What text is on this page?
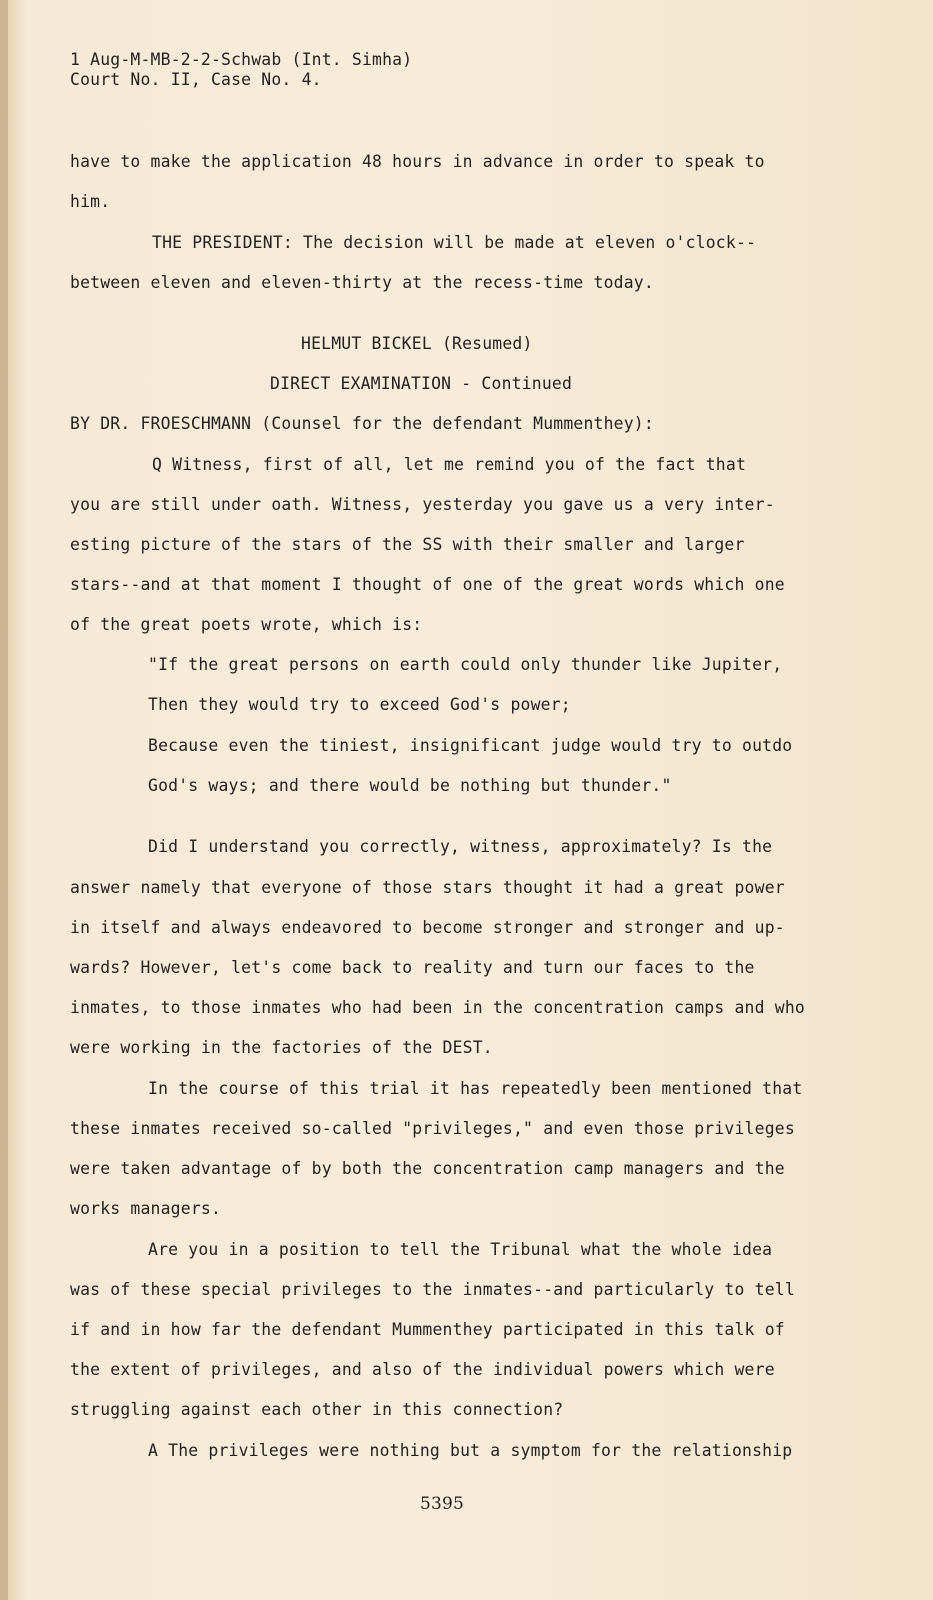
1 Aug-M-MB-2-2-Schwab (Int. Simha)
Court No. II, Case No. 4.
have to make the application 48 hours in advance in order to speak to
him.
THE PRESIDENT: The decision will be made at eleven o'clock--
between eleven and eleven-thirty at the recess-time today.
HELMUT BICKEL (Resumed)
DIRECT EXAMINATION - Continued
BY DR. FROESCHMANN (Counsel for the defendant Mummenthey):
Q Witness, first of all, let me remind you of the fact that
you are still under oath. Witness, yesterday you gave us a very inter-
esting picture of the stars of the SS with their smaller and larger
stars--and at that moment I thought of one of the great words which one
of the great poets wrote, which is:
"If the great persons on earth could only thunder like Jupiter,
Then they would try to exceed God's power;
Because even the tiniest, insignificant judge would try to outdo
God's ways; and there would be nothing but thunder."
Did I understand you correctly, witness, approximately? Is the
answer namely that everyone of those stars thought it had a great power
in itself and always endeavored to become stronger and stronger and up-
wards? However, let's come back to reality and turn our faces to the
inmates, to those inmates who had been in the concentration camps and who
were working in the factories of the DEST.
In the course of this trial it has repeatedly been mentioned that
these inmates received so-called "privileges," and even those privileges
were taken advantage of by both the concentration camp managers and the
works managers.
Are you in a position to tell the Tribunal what the whole idea
was of these special privileges to the inmates--and particularly to tell
if and in how far the defendant Mummenthey participated in this talk of
the extent of privileges, and also of the individual powers which were
struggling against each other in this connection?
A The privileges were nothing but a symptom for the relationship
5395
